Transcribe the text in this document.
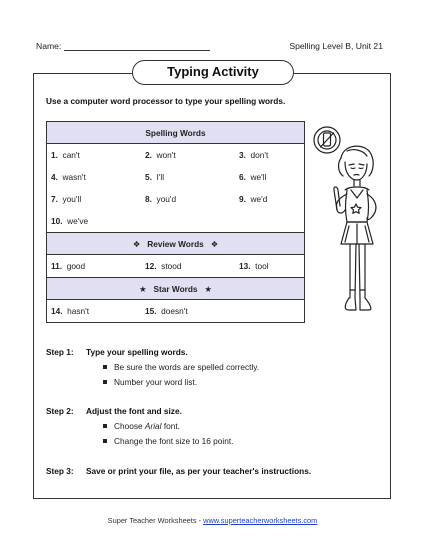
Name:	Spelling Level B, Unit 21
Typing Activity
Use a computer word processor to type your spelling words.
Spelling Words		
1. can't	2. won't	3. don't
4. wasn't	5. I'll	6. we'll
7. you'll	8. you'd	9. we'd
10. we've		
❖ Review Words ❖		
11. good	12. stood	13. tool
★ Star Words ★		
14. hasn't	15. doesn't	
Step 1: Type your spelling words.
Be sure the words are spelled correctly.
Number your word list.
Step 2: Adjust the font and size.
Choose Arial font.
Change the font size to 16 point.
Step 3: Save or print your file, as per your teacher's instructions.
Super Teacher Worksheets - www.superteacherworksheets.com
